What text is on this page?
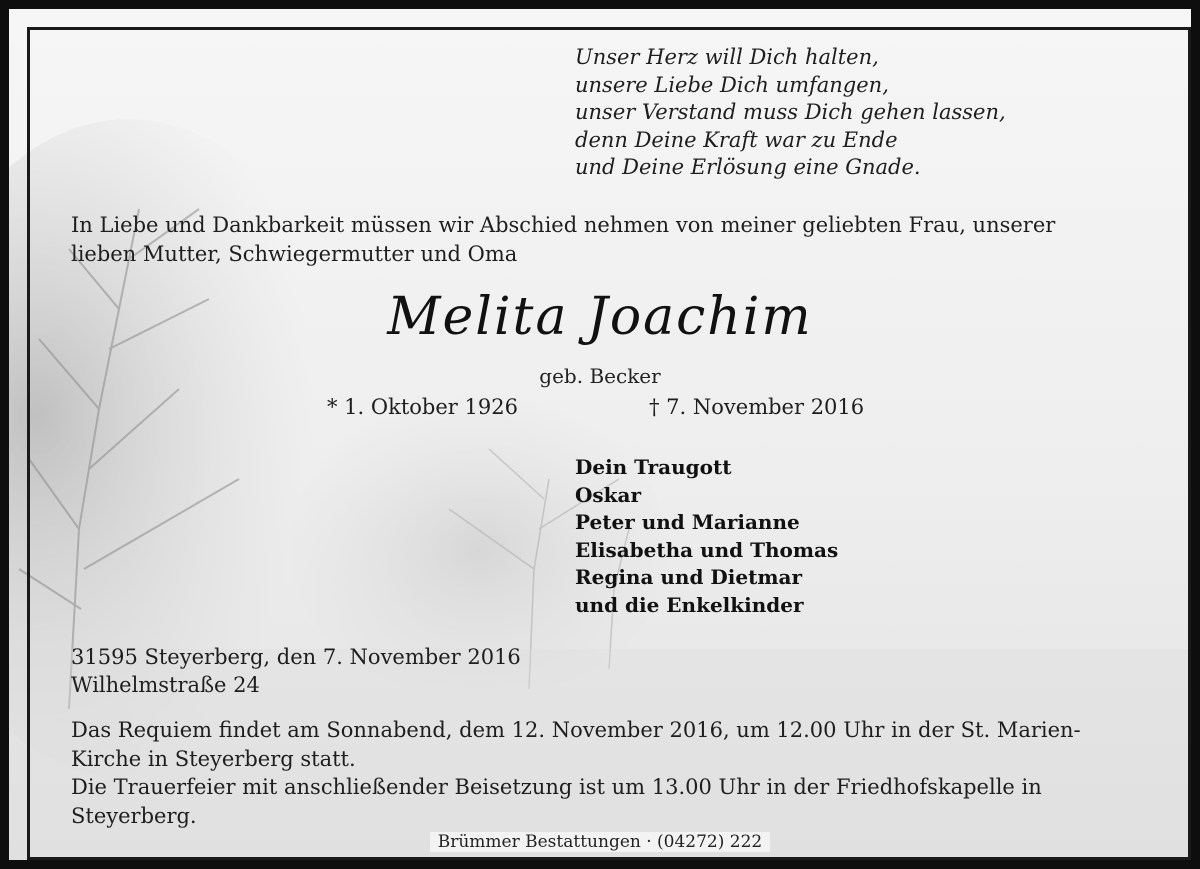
Unser Herz will Dich halten,
unsere Liebe Dich umfangen,
unser Verstand muss Dich gehen lassen,
denn Deine Kraft war zu Ende
und Deine Erlösung eine Gnade.
In Liebe und Dankbarkeit müssen wir Abschied nehmen von meiner geliebten Frau, unserer
lieben Mutter, Schwiegermutter und Oma
Melita Joachim
geb. Becker
* 1. Oktober 1926	† 7. November 2016
Dein Traugott
Oskar
Peter und Marianne
Elisabetha und Thomas
Regina und Dietmar
und die Enkelkinder
31595 Steyerberg, den 7. November 2016
Wilhelmstraße 24
Das Requiem findet am Sonnabend, dem 12. November 2016, um 12.00 Uhr in der St. Marien-
Kirche in Steyerberg statt.
Die Trauerfeier mit anschließender Beisetzung ist um 13.00 Uhr in der Friedhofskapelle in
Steyerberg.
Brümmer Bestattungen · (04272) 222
